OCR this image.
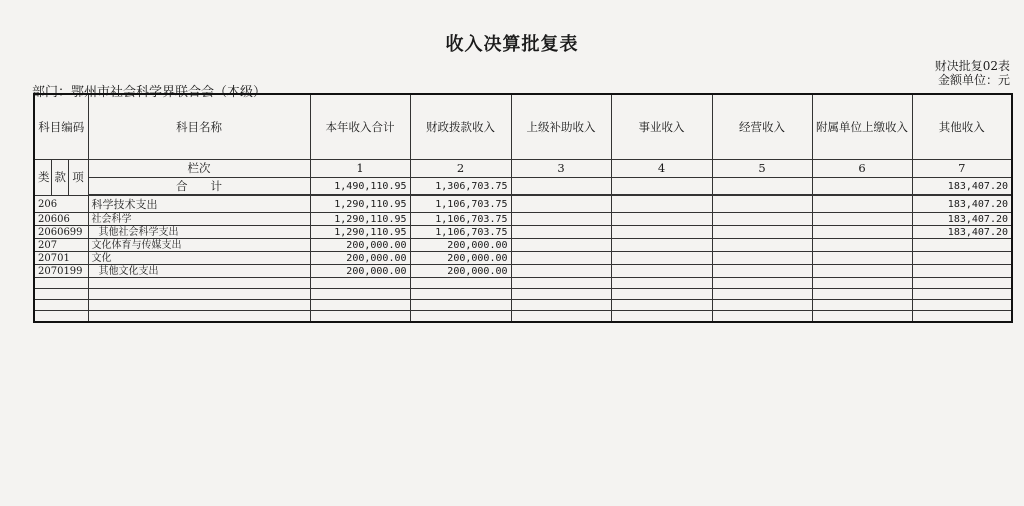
收入决算批复表
财决批复02表
金额单位：元
部门：鄂州市社会科学界联合会（本级）
科目编码			科目名称	本年收入合计	财政拨款收入	上级补助收入	事业收入	经营收入	附属单位上缴收入	其他收入
类	款	项	栏次	1	2	3	4	5	6	7
			合　　计	1,490,110.95	1,306,703.75					183,407.20

206			科学技术支出	1,290,110.95	1,106,703.75					183,407.20
20606			社会科学	1,290,110.95	1,106,703.75					183,407.20
2060699			其他社会科学支出	1,290,110.95	1,106,703.75					183,407.20
207			文化体育与传媒支出	200,000.00	200,000.00					
20701			文化	200,000.00	200,000.00					
2070199			其他文化支出	200,000.00	200,000.00					
